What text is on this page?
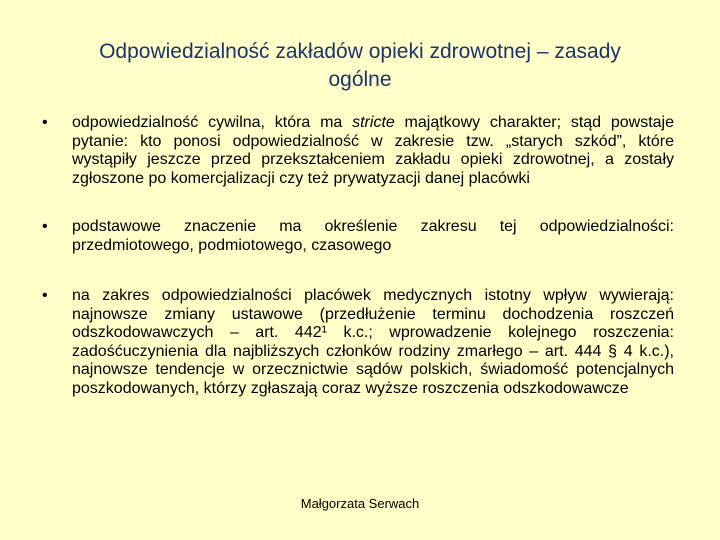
Odpowiedzialność zakładów opieki zdrowotnej – zasady
ogólne
• odpowiedzialność cywilna, która ma stricte majątkowy charakter; stąd powstaje pytanie: kto ponosi odpowiedzialność w zakresie tzw. „starych szkód”, które wystąpiły jeszcze przed przekształceniem zakładu opieki zdrowotnej, a zostały zgłoszone po komercjalizacji czy też prywatyzacji danej placówki
• podstawowe znaczenie ma określenie zakresu tej odpowiedzialności: przedmiotowego, podmiotowego, czasowego
• na zakres odpowiedzialności placówek medycznych istotny wpływ wywierają: najnowsze zmiany ustawowe (przedłużenie terminu dochodzenia roszczeń odszkodowawczych – art. 442¹ k.c.; wprowadzenie kolejnego roszczenia: zadośćuczynienia dla najbliższych członków rodziny zmarłego – art. 444 § 4 k.c.), najnowsze tendencje w orzecznictwie sądów polskich, świadomość potencjalnych poszkodowanych, którzy zgłaszają coraz wyższe roszczenia odszkodowawcze
Małgorzata Serwach
